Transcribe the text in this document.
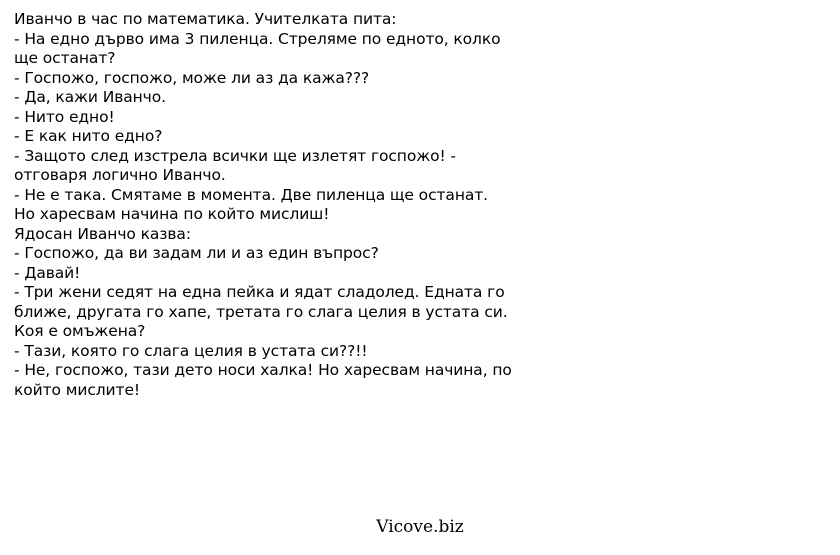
Иванчо в час по математика. Учителката пита:
- На едно дърво има 3 пиленца. Стреляме по едното, колко
ще останат?
- Госпожо, госпожо, може ли аз да кажа???
- Да, кажи Иванчо.
- Нито едно!
- Е как нито едно?
- Защото след изстрела всички ще излетят госпожо! -
отговаря логично Иванчо.
- Не е така. Смятаме в момента. Две пиленца ще останат.
Но харесвам начина по който мислиш!
Ядосан Иванчо казва:
- Госпожо, да ви задам ли и аз един въпрос?
- Давай!
- Три жени седят на една пейка и ядат сладолед. Едната го
ближе, другата го хапе, третата го слага целия в устата си.
Коя е омъжена?
- Тази, която го слага целия в устата си??!!
- Не, госпожо, тази дето носи халка! Но харесвам начина, по
който мислите!
Vicove.biz
